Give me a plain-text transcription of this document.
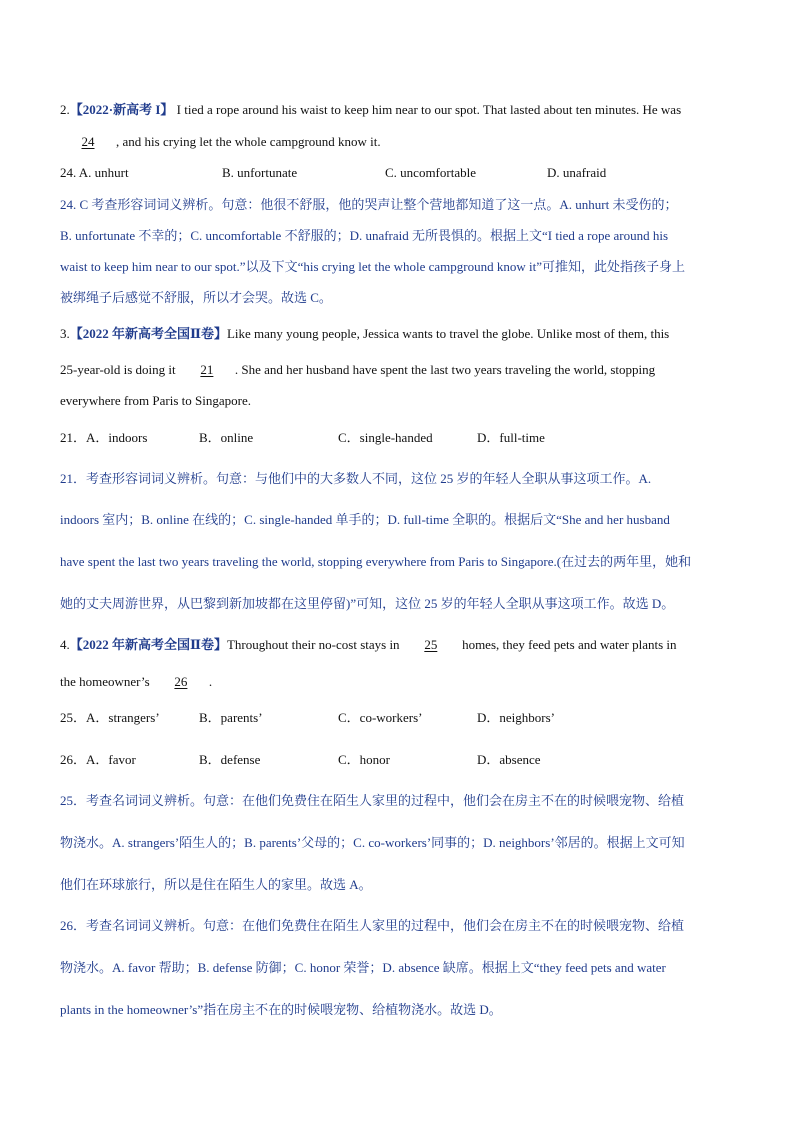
2.【2022·新高考 I】 I tied a rope around his waist to keep him near to our spot. That lasted about ten minutes. He was
24 , and his crying let the whole campground know it.
24. A. unhurt	B. unfortunate	C. uncomfortable	D. unafraid
24. C 考查形容词词义辨析。句意：他很不舒服，他的哭声让整个营地都知道了这一点。A. unhurt 未受伤的；
B. unfortunate 不幸的；C. uncomfortable 不舒服的；D. unafraid 无所畏惧的。根据上文“I tied a rope around his
waist to keep him near to our spot.”以及下文“his crying let the whole campground know it”可推知，此处指孩子身上
被绑绳子后感觉不舒服，所以才会哭。故选 C。
3.【2022 年新高考全国Ⅱ卷】Like many young people, Jessica wants to travel the globe. Unlike most of them, this
25-year-old is doing it 21 . She and her husband have spent the last two years traveling the world, stopping
everywhere from Paris to Singapore.
21．A．indoors	B．online	C．single-handed	D．full-time
21．考查形容词词义辨析。句意：与他们中的大多数人不同，这位 25 岁的年轻人全职从事这项工作。A.
indoors 室内；B. online 在线的；C. single-handed 单手的；D. full-time 全职的。根据后文“She and her husband
have spent the last two years traveling the world, stopping everywhere from Paris to Singapore.(在过去的两年里，她和
她的丈夫周游世界，从巴黎到新加坡都在这里停留)”可知，这位 25 岁的年轻人全职从事这项工作。故选 D。
4.【2022 年新高考全国Ⅱ卷】Throughout their no-cost stays in 25 homes, they feed pets and water plants in
the homeowner’s 26 .
25．A．strangers’	B．parents’	C．co-workers’	D．neighbors’
26．A．favor	B．defense	C．honor	D．absence
25．考查名词词义辨析。句意：在他们免费住在陌生人家里的过程中，他们会在房主不在的时候喂宠物、给植
物浇水。A. strangers’陌生人的；B. parents’父母的；C. co-workers’同事的；D. neighbors’邻居的。根据上文可知
他们在环球旅行，所以是住在陌生人的家里。故选 A。
26．考查名词词义辨析。句意：在他们免费住在陌生人家里的过程中，他们会在房主不在的时候喂宠物、给植
物浇水。A. favor 帮助；B. defense 防御；C. honor 荣誉；D. absence 缺席。根据上文“they feed pets and water
plants in the homeowner’s”指在房主不在的时候喂宠物、给植物浇水。故选 D。
